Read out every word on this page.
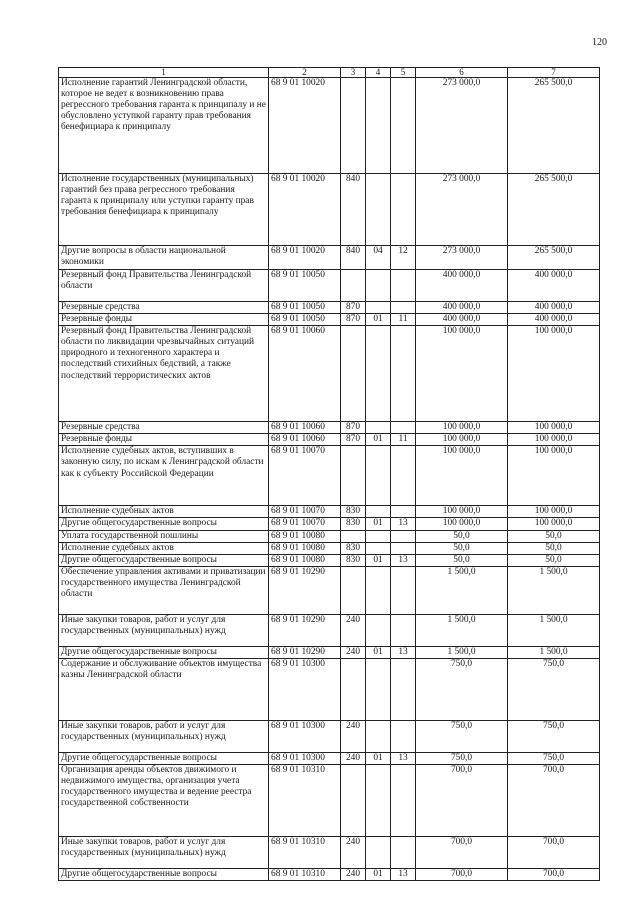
120
1	2	3	4	5	6	7
Исполнение гарантий Ленинградской области, которое не ведет к возникновению права регрессного требования гаранта к принципалу и не обусловлено уступкой гаранту прав требования бенефициара к принципалу	68 9 01 10020				273 000,0	265 500,0
Исполнение государственных (муниципальных) гарантий без права регрессного требования гаранта к принципалу или уступки гаранту прав требования бенефициара к принципалу	68 9 01 10020	840			273 000,0	265 500,0
Другие вопросы в области национальной экономики	68 9 01 10020	840	04	12	273 000,0	265 500,0
Резервный фонд Правительства Ленинградской области	68 9 01 10050				400 000,0	400 000,0
Резервные средства	68 9 01 10050	870			400 000,0	400 000,0
Резервные фонды	68 9 01 10050	870	01	11	400 000,0	400 000,0
Резервный фонд Правительства Ленинградской области по ликвидации чрезвычайных ситуаций природного и техногенного характера и последствий стихийных бедствий, а также последствий террористических актов	68 9 01 10060				100 000,0	100 000,0
Резервные средства	68 9 01 10060	870			100 000,0	100 000,0
Резервные фонды	68 9 01 10060	870	01	11	100 000,0	100 000,0
Исполнение судебных актов, вступивших в законную силу, по искам к Ленинградской области как к субъекту Российской Федерации	68 9 01 10070				100 000,0	100 000,0
Исполнение судебных актов	68 9 01 10070	830			100 000,0	100 000,0
Другие общегосударственные вопросы	68 9 01 10070	830	01	13	100 000,0	100 000,0
Уплата государственной пошлины	68 9 01 10080				50,0	50,0
Исполнение судебных актов	68 9 01 10080	830			50,0	50,0
Другие общегосударственные вопросы	68 9 01 10080	830	01	13	50,0	50,0
Обеспечение управления активами и приватизации государственного имущества Ленинградской области	68 9 01 10290				1 500,0	1 500,0
Иные закупки товаров, работ и услуг для государственных (муниципальных) нужд	68 9 01 10290	240			1 500,0	1 500,0
Другие общегосударственные вопросы	68 9 01 10290	240	01	13	1 500,0	1 500,0
Содержание и обслуживание объектов имущества казны Ленинградской области	68 9 01 10300				750,0	750,0
Иные закупки товаров, работ и услуг для государственных (муниципальных) нужд	68 9 01 10300	240			750,0	750,0
Другие общегосударственные вопросы	68 9 01 10300	240	01	13	750,0	750,0
Организация аренды объектов движимого и недвижимого имущества, организация учета государственного имущества и ведение реестра государственной собственности	68 9 01 10310				700,0	700,0
Иные закупки товаров, работ и услуг для государственных (муниципальных) нужд	68 9 01 10310	240			700,0	700,0
Другие общегосударственные вопросы	68 9 01 10310	240	01	13	700,0	700,0
